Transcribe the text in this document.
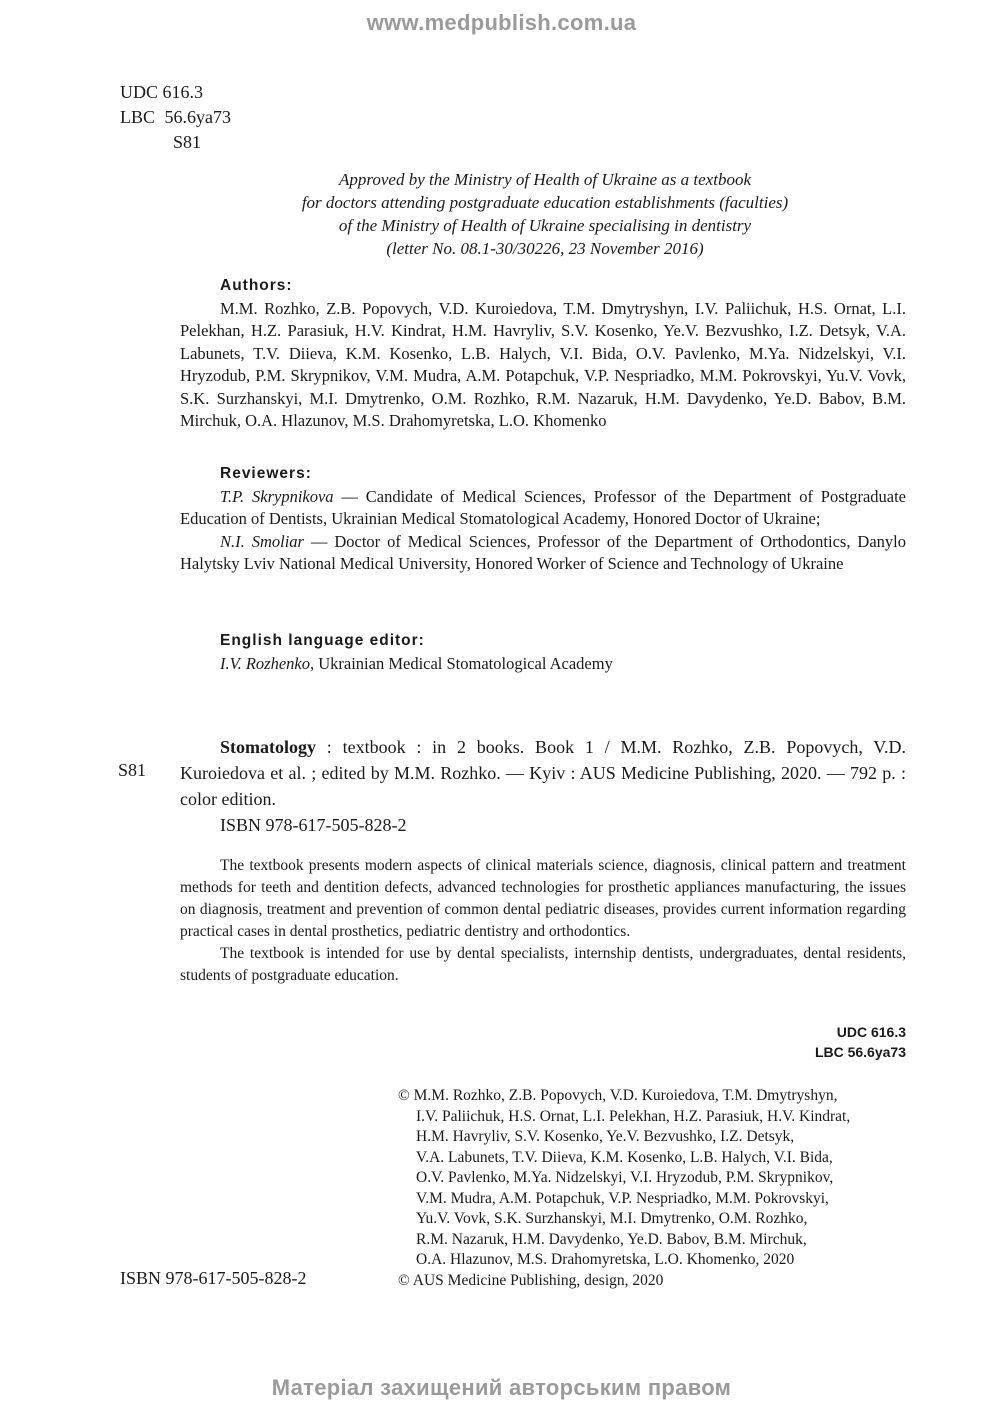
www.medpublish.com.ua
UDC 616.3
LBC 56.6ya73
S81
Approved by the Ministry of Health of Ukraine as a textbook
for doctors attending postgraduate education establishments (faculties)
of the Ministry of Health of Ukraine specialising in dentistry
(letter No. 08.1-30/30226, 23 November 2016)
Authors:

M.M. Rozhko, Z.B. Popovych, V.D. Kuroiedova, T.M. Dmytryshyn, I.V. Paliichuk, H.S. Ornat, L.I. Pelekhan, H.Z. Parasiuk, H.V. Kindrat, H.M. Havryliv, S.V. Kosenko, Ye.V. Bezvushko, I.Z. Detsyk, V.A. Labunets, T.V. Diieva, K.M. Kosenko, L.B. Halych, V.I. Bida, O.V. Pavlenko, M.Ya. Nidzelskyi, V.I. Hryzodub, P.M. Skrypnikov, V.M. Mudra, A.M. Potapchuk, V.P. Nespriadko, M.M. Pokrovskyi, Yu.V. Vovk, S.K. Surzhanskyi, M.I. Dmytrenko, O.M. Rozhko, R.M. Nazaruk, H.M. Davydenko, Ye.D. Babov, B.M. Mirchuk, O.A. Hlazunov, M.S. Drahomyretska, L.O. Khomenko

Reviewers:

T.P. Skrypnikova — Candidate of Medical Sciences, Professor of the Department of Postgraduate Education of Dentists, Ukrainian Medical Stomatological Academy, Honored Doctor of Ukraine;

N.I. Smoliar — Doctor of Medical Sciences, Professor of the Department of Orthodontics, Danylo Halytsky Lviv National Medical University, Honored Worker of Science and Technology of Ukraine

English language editor:

I.V. Rozhenko, Ukrainian Medical Stomatological Academy

S81

Stomatology : textbook : in 2 books. Book 1 / M.M. Rozhko, Z.B. Popovych, V.D. Kuroiedova et al. ; edited by M.M. Rozhko. — Kyiv : AUS Medicine Publishing, 2020. — 792 p. : color edition.

ISBN 978-617-505-828-2

The textbook presents modern aspects of clinical materials science, diagnosis, clinical pattern and treatment methods for teeth and dentition defects, advanced technologies for prosthetic appliances manufacturing, the issues on diagnosis, treatment and prevention of common dental pediatric diseases, provides current information regarding practical cases in dental prosthetics, pediatric dentistry and orthodontics.

The textbook is intended for use by dental specialists, internship dentists, undergraduates, dental residents, students of postgraduate education.

UDC 616.3
LBC 56.6ya73
© M.M. Rozhko, Z.B. Popovych, V.D. Kuroiedova, T.M. Dmytryshyn,
I.V. Paliichuk, H.S. Ornat, L.I. Pelekhan, H.Z. Parasiuk, H.V. Kindrat,
H.M. Havryliv, S.V. Kosenko, Ye.V. Bezvushko, I.Z. Detsyk,
V.A. Labunets, T.V. Diieva, K.M. Kosenko, L.B. Halych, V.I. Bida,
O.V. Pavlenko, M.Ya. Nidzelskyi, V.I. Hryzodub, P.M. Skrypnikov,
V.M. Mudra, A.M. Potapchuk, V.P. Nespriadko, M.M. Pokrovskyi,
Yu.V. Vovk, S.K. Surzhanskyi, M.I. Dmytrenko, O.M. Rozhko,
R.M. Nazaruk, H.M. Davydenko, Ye.D. Babov, B.M. Mirchuk,
O.A. Hlazunov, M.S. Drahomyretska, L.O. Khomenko, 2020
© AUS Medicine Publishing, design, 2020
ISBN 978-617-505-828-2
Матеріал захищений авторським правом
